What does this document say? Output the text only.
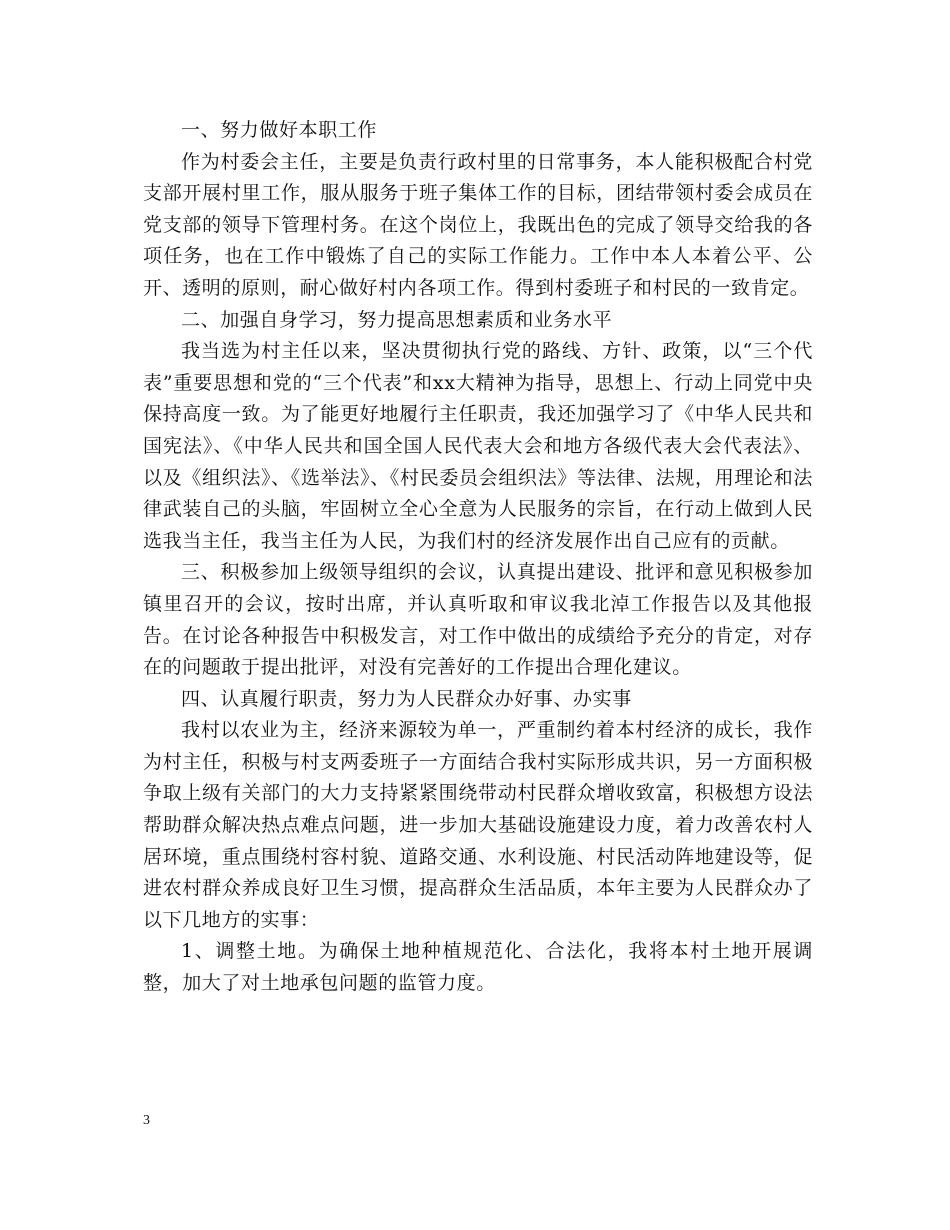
一、努力做好本职工作

作为村委会主任，主要是负责行政村里的日常事务，本人能积极配合村党支部开展村里工作，服从服务于班子集体工作的目标，团结带领村委会成员在党支部的领导下管理村务。在这个岗位上，我既出色的完成了领导交给我的各项任务，也在工作中锻炼了自己的实际工作能力。工作中本人本着公平、公开、透明的原则，耐心做好村内各项工作。得到村委班子和村民的一致肯定。

二、加强自身学习，努力提高思想素质和业务水平

我当选为村主任以来，坚决贯彻执行党的路线、方针、政策，以“三个代表”重要思想和党的“三个代表”和xx大精神为指导，思想上、行动上同党中央保持高度一致。为了能更好地履行主任职责，我还加强学习了《中华人民共和国宪法》、《中华人民共和国全国人民代表大会和地方各级代表大会代表法》、以及《组织法》、《选举法》、《村民委员会组织法》等法律、法规，用理论和法律武装自己的头脑，牢固树立全心全意为人民服务的宗旨，在行动上做到人民选我当主任，我当主任为人民，为我们村的经济发展作出自己应有的贡献。

三、积极参加上级领导组织的会议，认真提出建设、批评和意见积极参加镇里召开的会议，按时出席，并认真听取和审议我北淖工作报告以及其他报告。在讨论各种报告中积极发言，对工作中做出的成绩给予充分的肯定，对存在的问题敢于提出批评，对没有完善好的工作提出合理化建议。

四、认真履行职责，努力为人民群众办好事、办实事

我村以农业为主，经济来源较为单一，严重制约着本村经济的成长，我作为村主任，积极与村支两委班子一方面结合我村实际形成共识，另一方面积极争取上级有关部门的大力支持紧紧围绕带动村民群众增收致富，积极想方设法帮助群众解决热点难点问题，进一步加大基础设施建设力度，着力改善农村人居环境，重点围绕村容村貌、道路交通、水利设施、村民活动阵地建设等，促进农村群众养成良好卫生习惯，提高群众生活品质，本年主要为人民群众办了以下几地方的实事：

1、调整土地。为确保土地种植规范化、合法化，我将本村土地开展调整，加大了对土地承包问题的监管力度。

3
